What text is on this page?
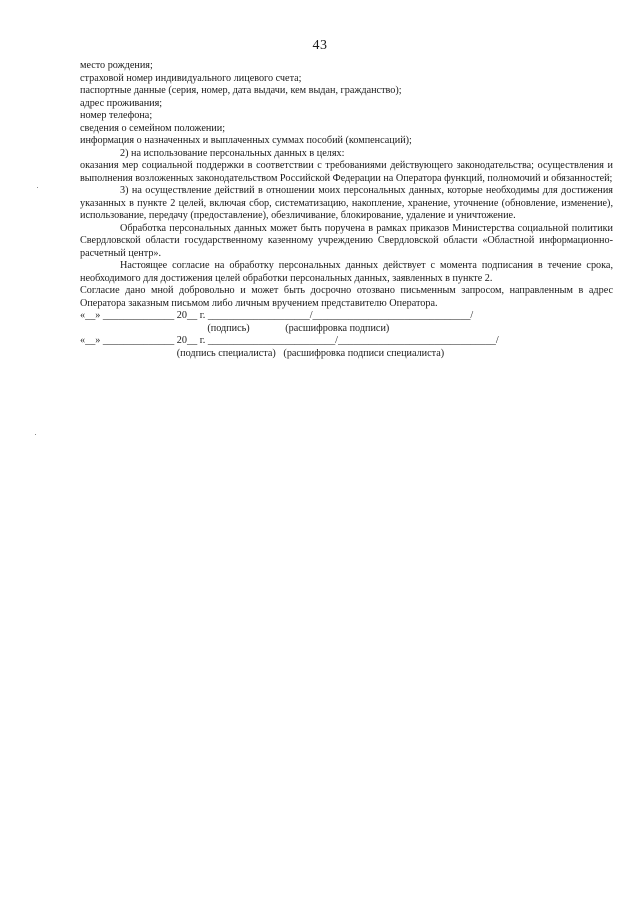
43

место рождения;

страховой номер индивидуального лицевого счета;

паспортные данные (серия, номер, дата выдачи, кем выдан, гражданство);

адрес проживания;

номер телефона;

сведения о семейном положении;

информация о назначенных и выплаченных суммах пособий (компенсаций);

2) на использование персональных данных в целях:

оказания мер социальной поддержки в соответствии с требованиями действующего законодательства; осуществления и выполнения возложенных законодательством Российской Федерации на Оператора функций, полномочий и обязанностей;

3) на осуществление действий в отношении моих персональных данных, которые необходимы для достижения указанных в пункте 2 целей, включая сбор, систематизацию, накопление, хранение, уточнение (обновление, изменение), использование, передачу (предоставление), обезличивание, блокирование, удаление и уничтожение.

Обработка персональных данных может быть поручена в рамках приказов Министерства социальной политики Свердловской области государственному казенному учреждению Свердловской области «Областной информационно-расчетный центр».

Настоящее согласие на обработку персональных данных действует с момента подписания в течение срока, необходимого для достижения целей обработки персональных данных, заявленных в пункте 2.

Согласие дано мной добровольно и может быть досрочно отозвано письменным запросом, направленным в адрес Оператора заказным письмом либо личным вручением представителю Оператора.

«__» ______________ 20__ г. ____________________/_______________________________/

(подпись)              (расшифровка подписи)

«__» ______________ 20__ г. _________________________/_______________________________/

(подпись специалиста)   (расшифровка подписи специалиста)
